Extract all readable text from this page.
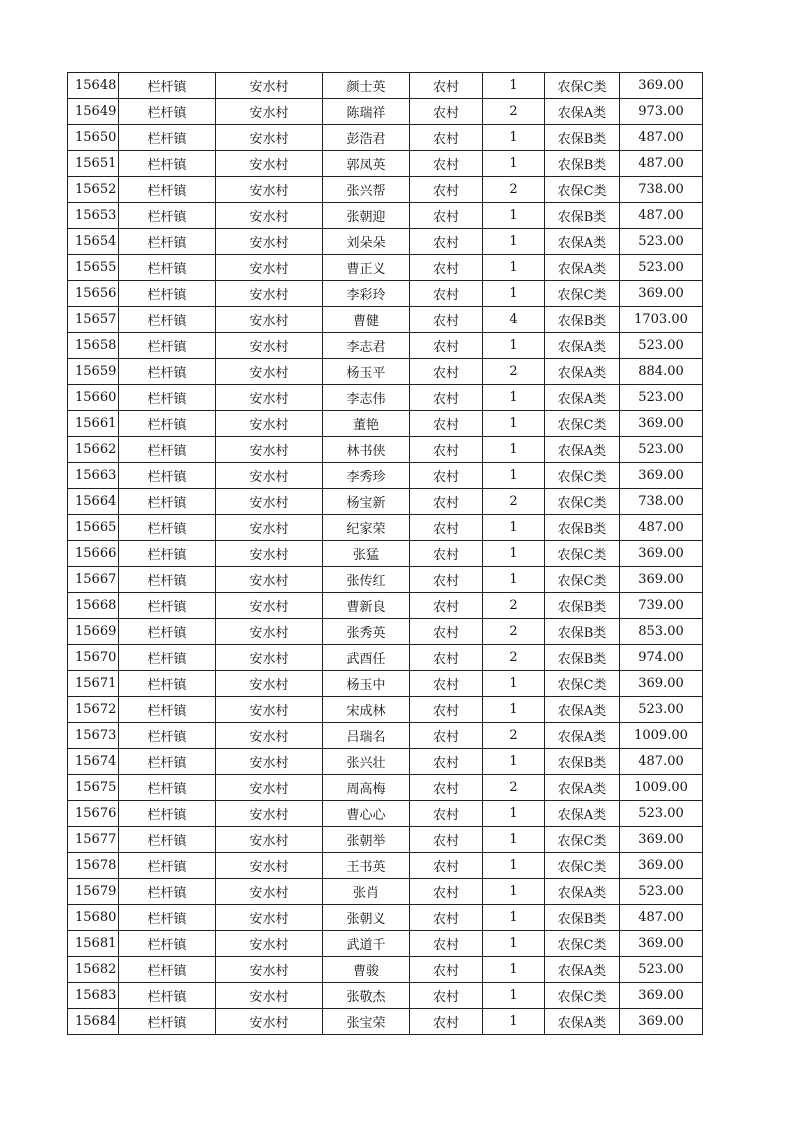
15648	栏杆镇	安水村	颜士英	农村	1	农保C类	369.00
15649	栏杆镇	安水村	陈瑞祥	农村	2	农保A类	973.00
15650	栏杆镇	安水村	彭浩君	农村	1	农保B类	487.00
15651	栏杆镇	安水村	郭凤英	农村	1	农保B类	487.00
15652	栏杆镇	安水村	张兴帮	农村	2	农保C类	738.00
15653	栏杆镇	安水村	张朝迎	农村	1	农保B类	487.00
15654	栏杆镇	安水村	刘朵朵	农村	1	农保A类	523.00
15655	栏杆镇	安水村	曹正义	农村	1	农保A类	523.00
15656	栏杆镇	安水村	李彩玲	农村	1	农保C类	369.00
15657	栏杆镇	安水村	曹健	农村	4	农保B类	1703.00
15658	栏杆镇	安水村	李志君	农村	1	农保A类	523.00
15659	栏杆镇	安水村	杨玉平	农村	2	农保A类	884.00
15660	栏杆镇	安水村	李志伟	农村	1	农保A类	523.00
15661	栏杆镇	安水村	董艳	农村	1	农保C类	369.00
15662	栏杆镇	安水村	林书侠	农村	1	农保A类	523.00
15663	栏杆镇	安水村	李秀珍	农村	1	农保C类	369.00
15664	栏杆镇	安水村	杨宝新	农村	2	农保C类	738.00
15665	栏杆镇	安水村	纪家荣	农村	1	农保B类	487.00
15666	栏杆镇	安水村	张猛	农村	1	农保C类	369.00
15667	栏杆镇	安水村	张传红	农村	1	农保C类	369.00
15668	栏杆镇	安水村	曹新良	农村	2	农保B类	739.00
15669	栏杆镇	安水村	张秀英	农村	2	农保B类	853.00
15670	栏杆镇	安水村	武酉任	农村	2	农保B类	974.00
15671	栏杆镇	安水村	杨玉中	农村	1	农保C类	369.00
15672	栏杆镇	安水村	宋成林	农村	1	农保A类	523.00
15673	栏杆镇	安水村	吕瑞名	农村	2	农保A类	1009.00
15674	栏杆镇	安水村	张兴壮	农村	1	农保B类	487.00
15675	栏杆镇	安水村	周高梅	农村	2	农保A类	1009.00
15676	栏杆镇	安水村	曹心心	农村	1	农保A类	523.00
15677	栏杆镇	安水村	张朝举	农村	1	农保C类	369.00
15678	栏杆镇	安水村	王书英	农村	1	农保C类	369.00
15679	栏杆镇	安水村	张肖	农村	1	农保A类	523.00
15680	栏杆镇	安水村	张朝义	农村	1	农保B类	487.00
15681	栏杆镇	安水村	武道千	农村	1	农保C类	369.00
15682	栏杆镇	安水村	曹骏	农村	1	农保A类	523.00
15683	栏杆镇	安水村	张敬杰	农村	1	农保C类	369.00
15684	栏杆镇	安水村	张宝荣	农村	1	农保A类	369.00
